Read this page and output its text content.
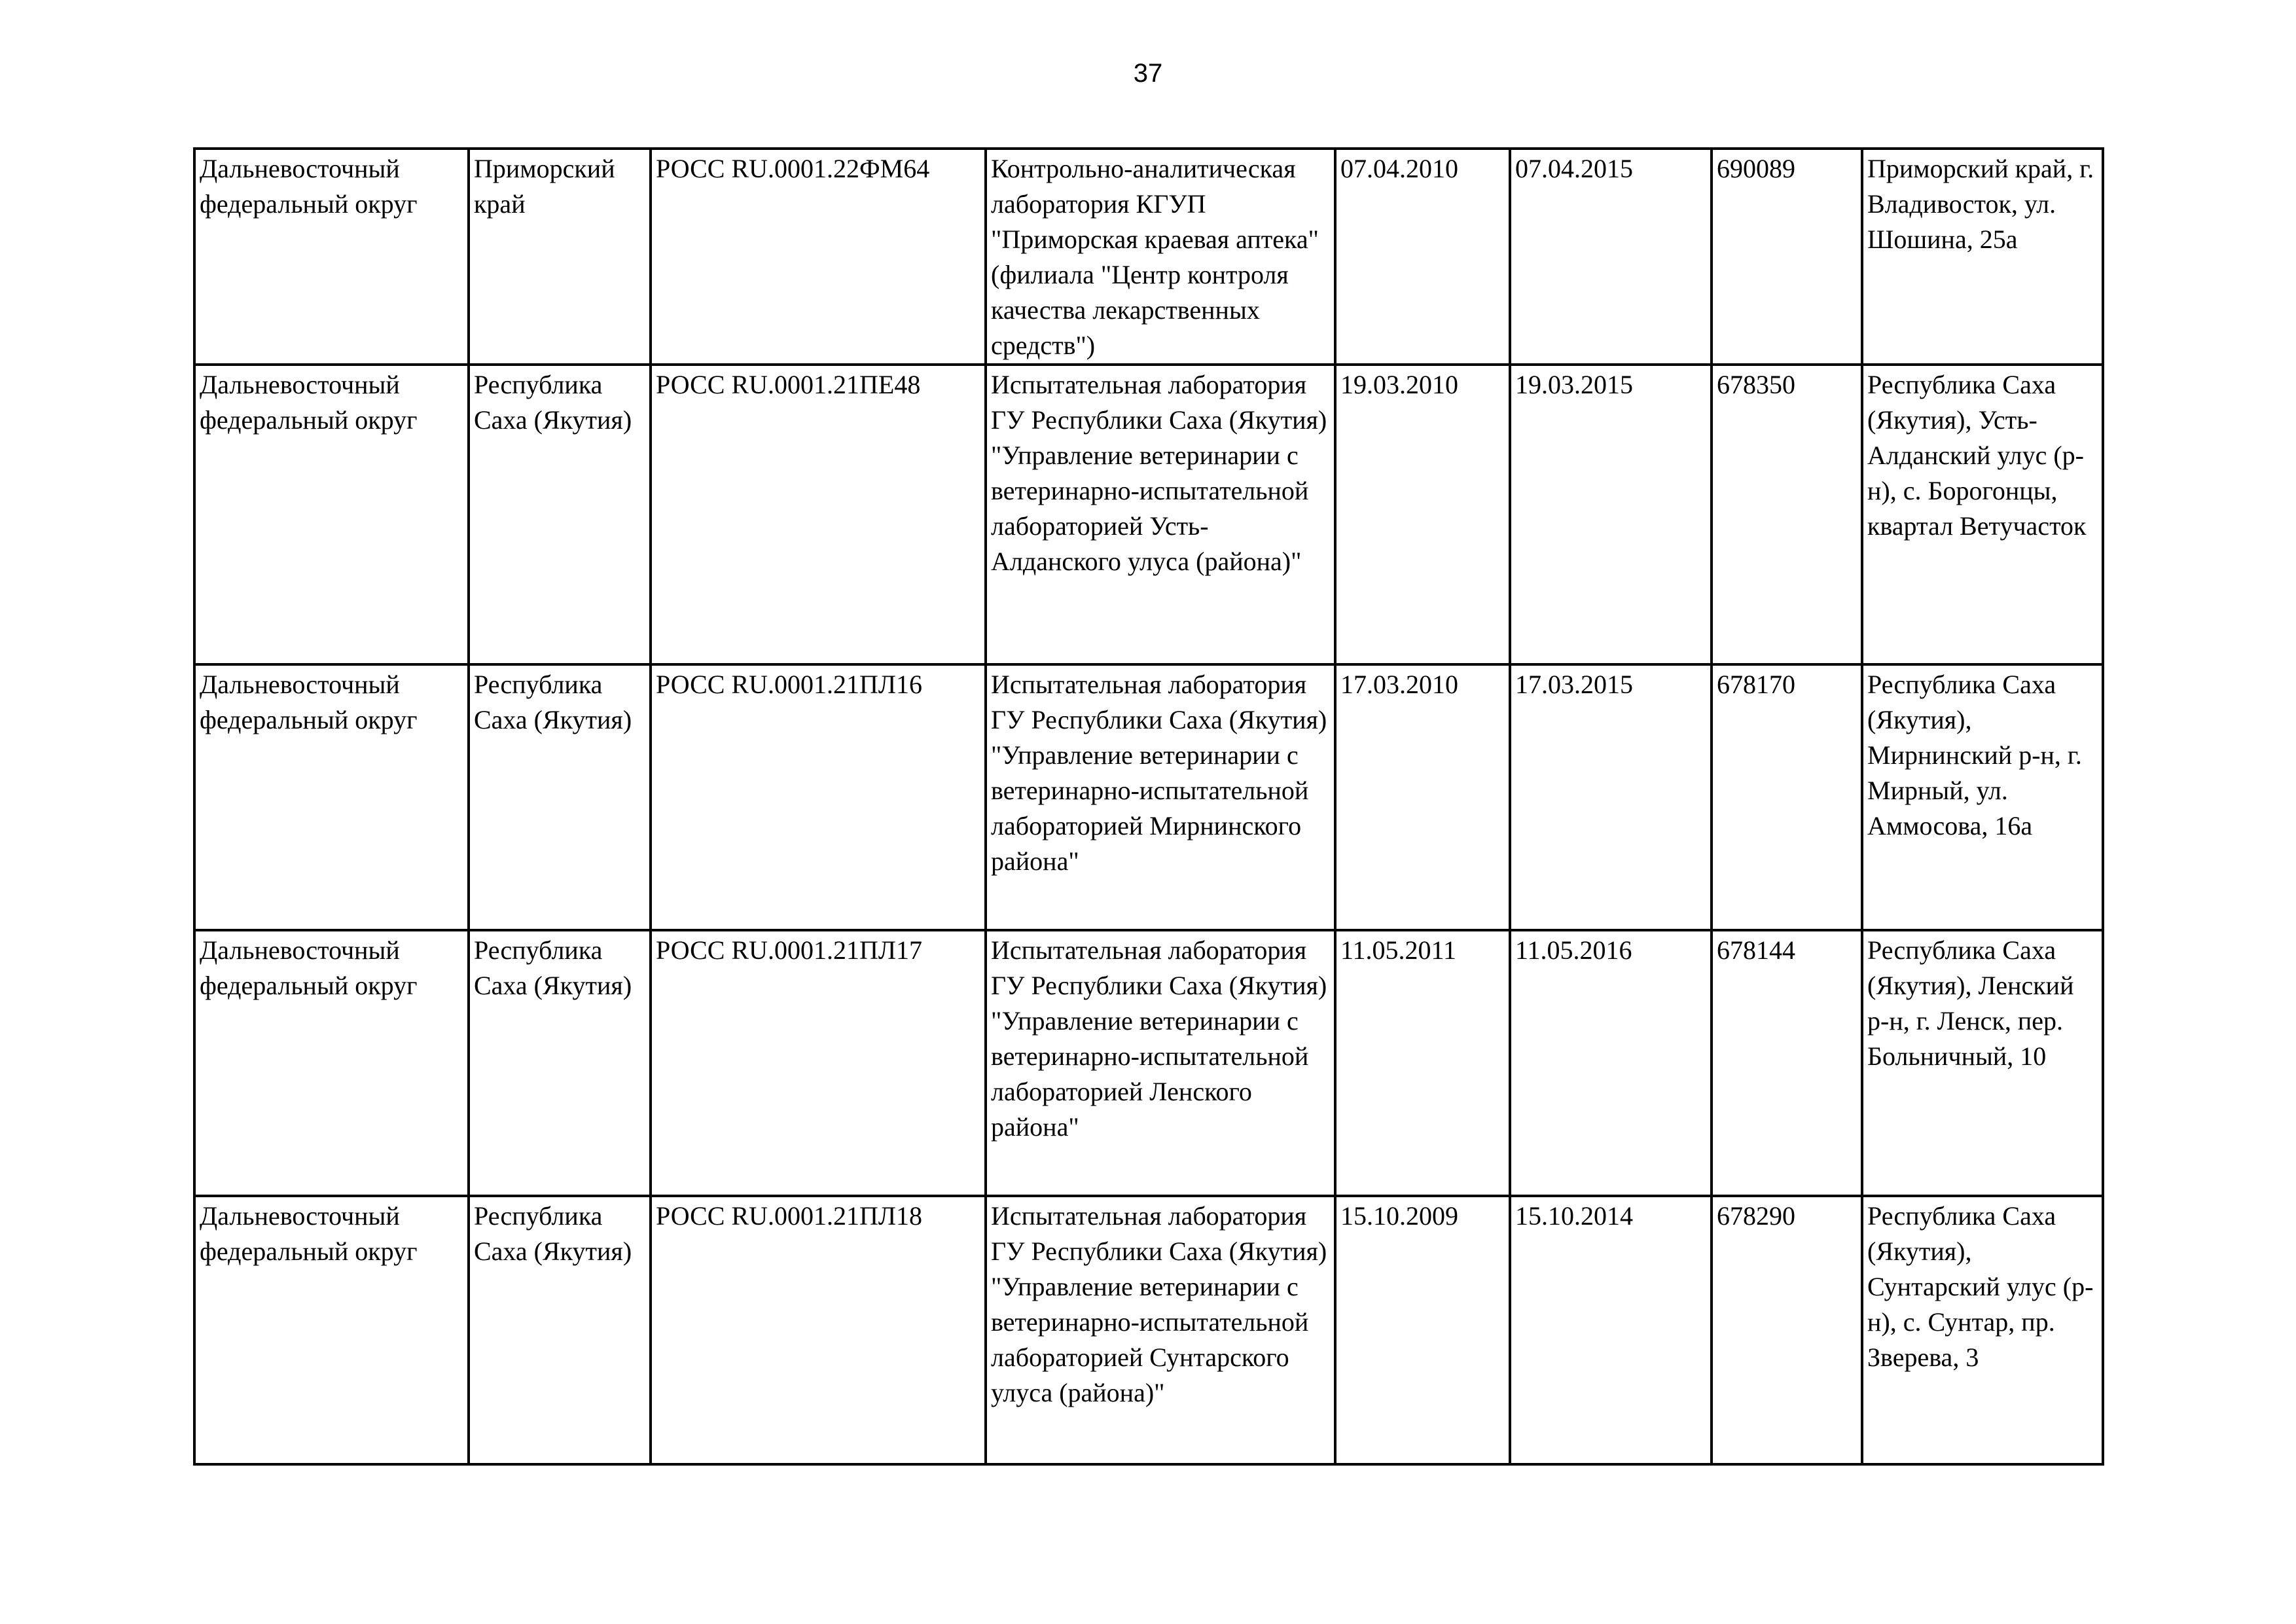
37
Дальневосточный федеральный округ	Приморский край	РОСС RU.0001.22ФМ64	Контрольно-аналитическая лаборатория КГУП "Приморская краевая аптека" (филиала "Центр контроля качества лекарственных средств")	07.04.2010	07.04.2015	690089	Приморский край, г. Владивосток, ул. Шошина, 25а
Дальневосточный федеральный округ	Республика Саха (Якутия)	РОСС RU.0001.21ПЕ48	Испытательная лаборатория ГУ Республики Саха (Якутия) "Управление ветеринарии с ветеринарно-испытательной лабораторией Усть-Алданского улуса (района)"	19.03.2010	19.03.2015	678350	Республика Саха (Якутия), Усть-Алданский улус (р-н), с. Борогонцы, квартал Ветучасток
Дальневосточный федеральный округ	Республика Саха (Якутия)	РОСС RU.0001.21ПЛ16	Испытательная лаборатория ГУ Республики Саха (Якутия) "Управление ветеринарии с ветеринарно-испытательной лабораторией Мирнинского района"	17.03.2010	17.03.2015	678170	Республика Саха (Якутия), Мирнинский р-н, г. Мирный, ул. Аммосова, 16а
Дальневосточный федеральный округ	Республика Саха (Якутия)	РОСС RU.0001.21ПЛ17	Испытательная лаборатория ГУ Республики Саха (Якутия) "Управление ветеринарии с ветеринарно-испытательной лабораторией Ленского района"	11.05.2011	11.05.2016	678144	Республика Саха (Якутия), Ленский р-н, г. Ленск, пер. Больничный, 10
Дальневосточный федеральный округ	Республика Саха (Якутия)	РОСС RU.0001.21ПЛ18	Испытательная лаборатория ГУ Республики Саха (Якутия) "Управление ветеринарии с ветеринарно-испытательной лабораторией Сунтарского улуса (района)"	15.10.2009	15.10.2014	678290	Республика Саха (Якутия), Сунтарский улус (р-н), с. Сунтар, пр. Зверева, 3
